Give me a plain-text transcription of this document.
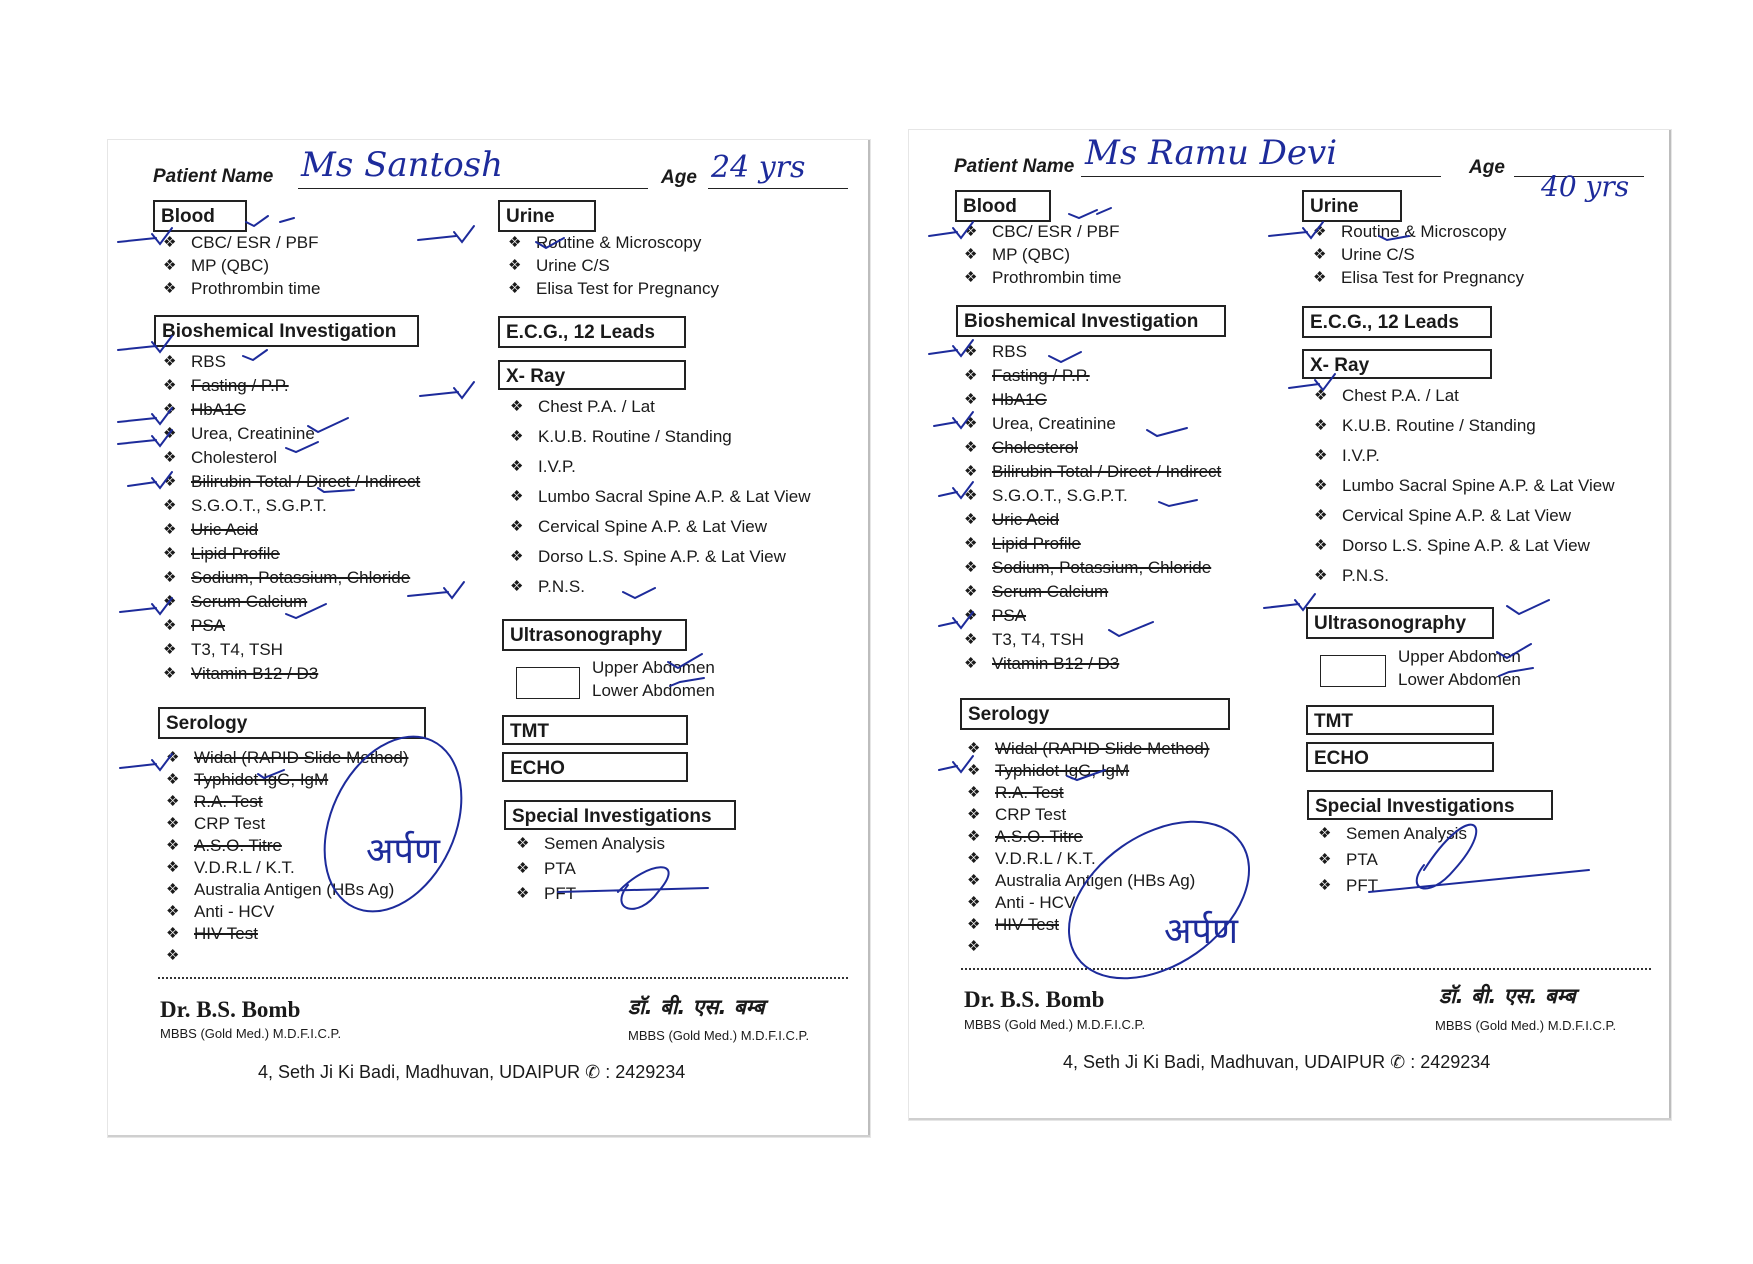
Patient Name Ms Santosh	Age 24 yrs
Blood
❖ CBC/ ESR / PBF
❖ MP (QBC)
❖ Prothrombin time
Bioshemical Investigation
❖ RBS
❖ Fasting / P.P.
❖ HbA1C
❖ Urea, Creatinine
❖ Cholesterol
❖ Bilirubin Total / Direct / Indirect
❖ S.G.O.T., S.G.P.T.
❖ Uric Acid
❖ Lipid Profile
❖ Sodium, Potassium, Chloride
❖ Serum Calcium
❖ PSA
❖ T3, T4, TSH
❖ Vitamin B12 / D3
Serology
❖ Widal (RAPID Slide Method)
❖ Typhidot IgG, IgM
❖ R.A. Test
❖ CRP Test
❖ A.S.O. Titre
❖ V.D.R.L / K.T.
❖ Australia Antigen (HBs Ag)
❖ Anti - HCV
❖ HIV Test
❖
Urine
❖ Routine & Microscopy
❖ Urine C/S
❖ Elisa Test for Pregnancy
E.C.G., 12 Leads
X- Ray
❖ Chest P.A. / Lat
❖ K.U.B. Routine / Standing
❖ I.V.P.
❖ Lumbo Sacral Spine A.P. & Lat View
❖ Cervical Spine A.P. & Lat View
❖ Dorso L.S. Spine A.P. & Lat View
❖ P.N.S.
Ultrasonography
Upper Abdomen
Lower Abdomen
TMT
ECHO
Special Investigations
❖ Semen Analysis
❖ PTA
❖ PFT
अर्पण
Dr. B.S. Bomb
MBBS (Gold Med.) M.D.F.I.C.P.
डॉ. बी. एस. बम्ब
MBBS (Gold Med.) M.D.F.I.C.P.
4, Seth Ji Ki Badi, Madhuvan, UDAIPUR ✆ : 2429234
Patient Name Ms Ramu Devi	Age
40 yrs
Blood
❖ CBC/ ESR / PBF
❖ MP (QBC)
❖ Prothrombin time
Bioshemical Investigation
❖ RBS
❖ Fasting / P.P.
❖ HbA1C
❖ Urea, Creatinine
❖ Cholesterol
❖ Bilirubin Total / Direct / Indirect
❖ S.G.O.T., S.G.P.T.
❖ Uric Acid
❖ Lipid Profile
❖ Sodium, Potassium, Chloride
❖ Serum Calcium
❖ PSA
❖ T3, T4, TSH
❖ Vitamin B12 / D3
Serology
❖ Widal (RAPID Slide Method)
❖ Typhidot IgG, IgM
❖ R.A. Test
❖ CRP Test
❖ A.S.O. Titre
❖ V.D.R.L / K.T.
❖ Australia Antigen (HBs Ag)
❖ Anti - HCV
❖ HIV Test
❖
Urine
❖ Routine & Microscopy
❖ Urine C/S
❖ Elisa Test for Pregnancy
E.C.G., 12 Leads
X- Ray
❖ Chest P.A. / Lat
❖ K.U.B. Routine / Standing
❖ I.V.P.
❖ Lumbo Sacral Spine A.P. & Lat View
❖ Cervical Spine A.P. & Lat View
❖ Dorso L.S. Spine A.P. & Lat View
❖ P.N.S.
Ultrasonography
Upper Abdomen
Lower Abdomen
TMT
ECHO
Special Investigations
❖ Semen Analysis
❖ PTA
❖ PFT
अर्पण
Dr. B.S. Bomb
MBBS (Gold Med.) M.D.F.I.C.P.
डॉ. बी. एस. बम्ब
MBBS (Gold Med.) M.D.F.I.C.P.
4, Seth Ji Ki Badi, Madhuvan, UDAIPUR ✆ : 2429234
